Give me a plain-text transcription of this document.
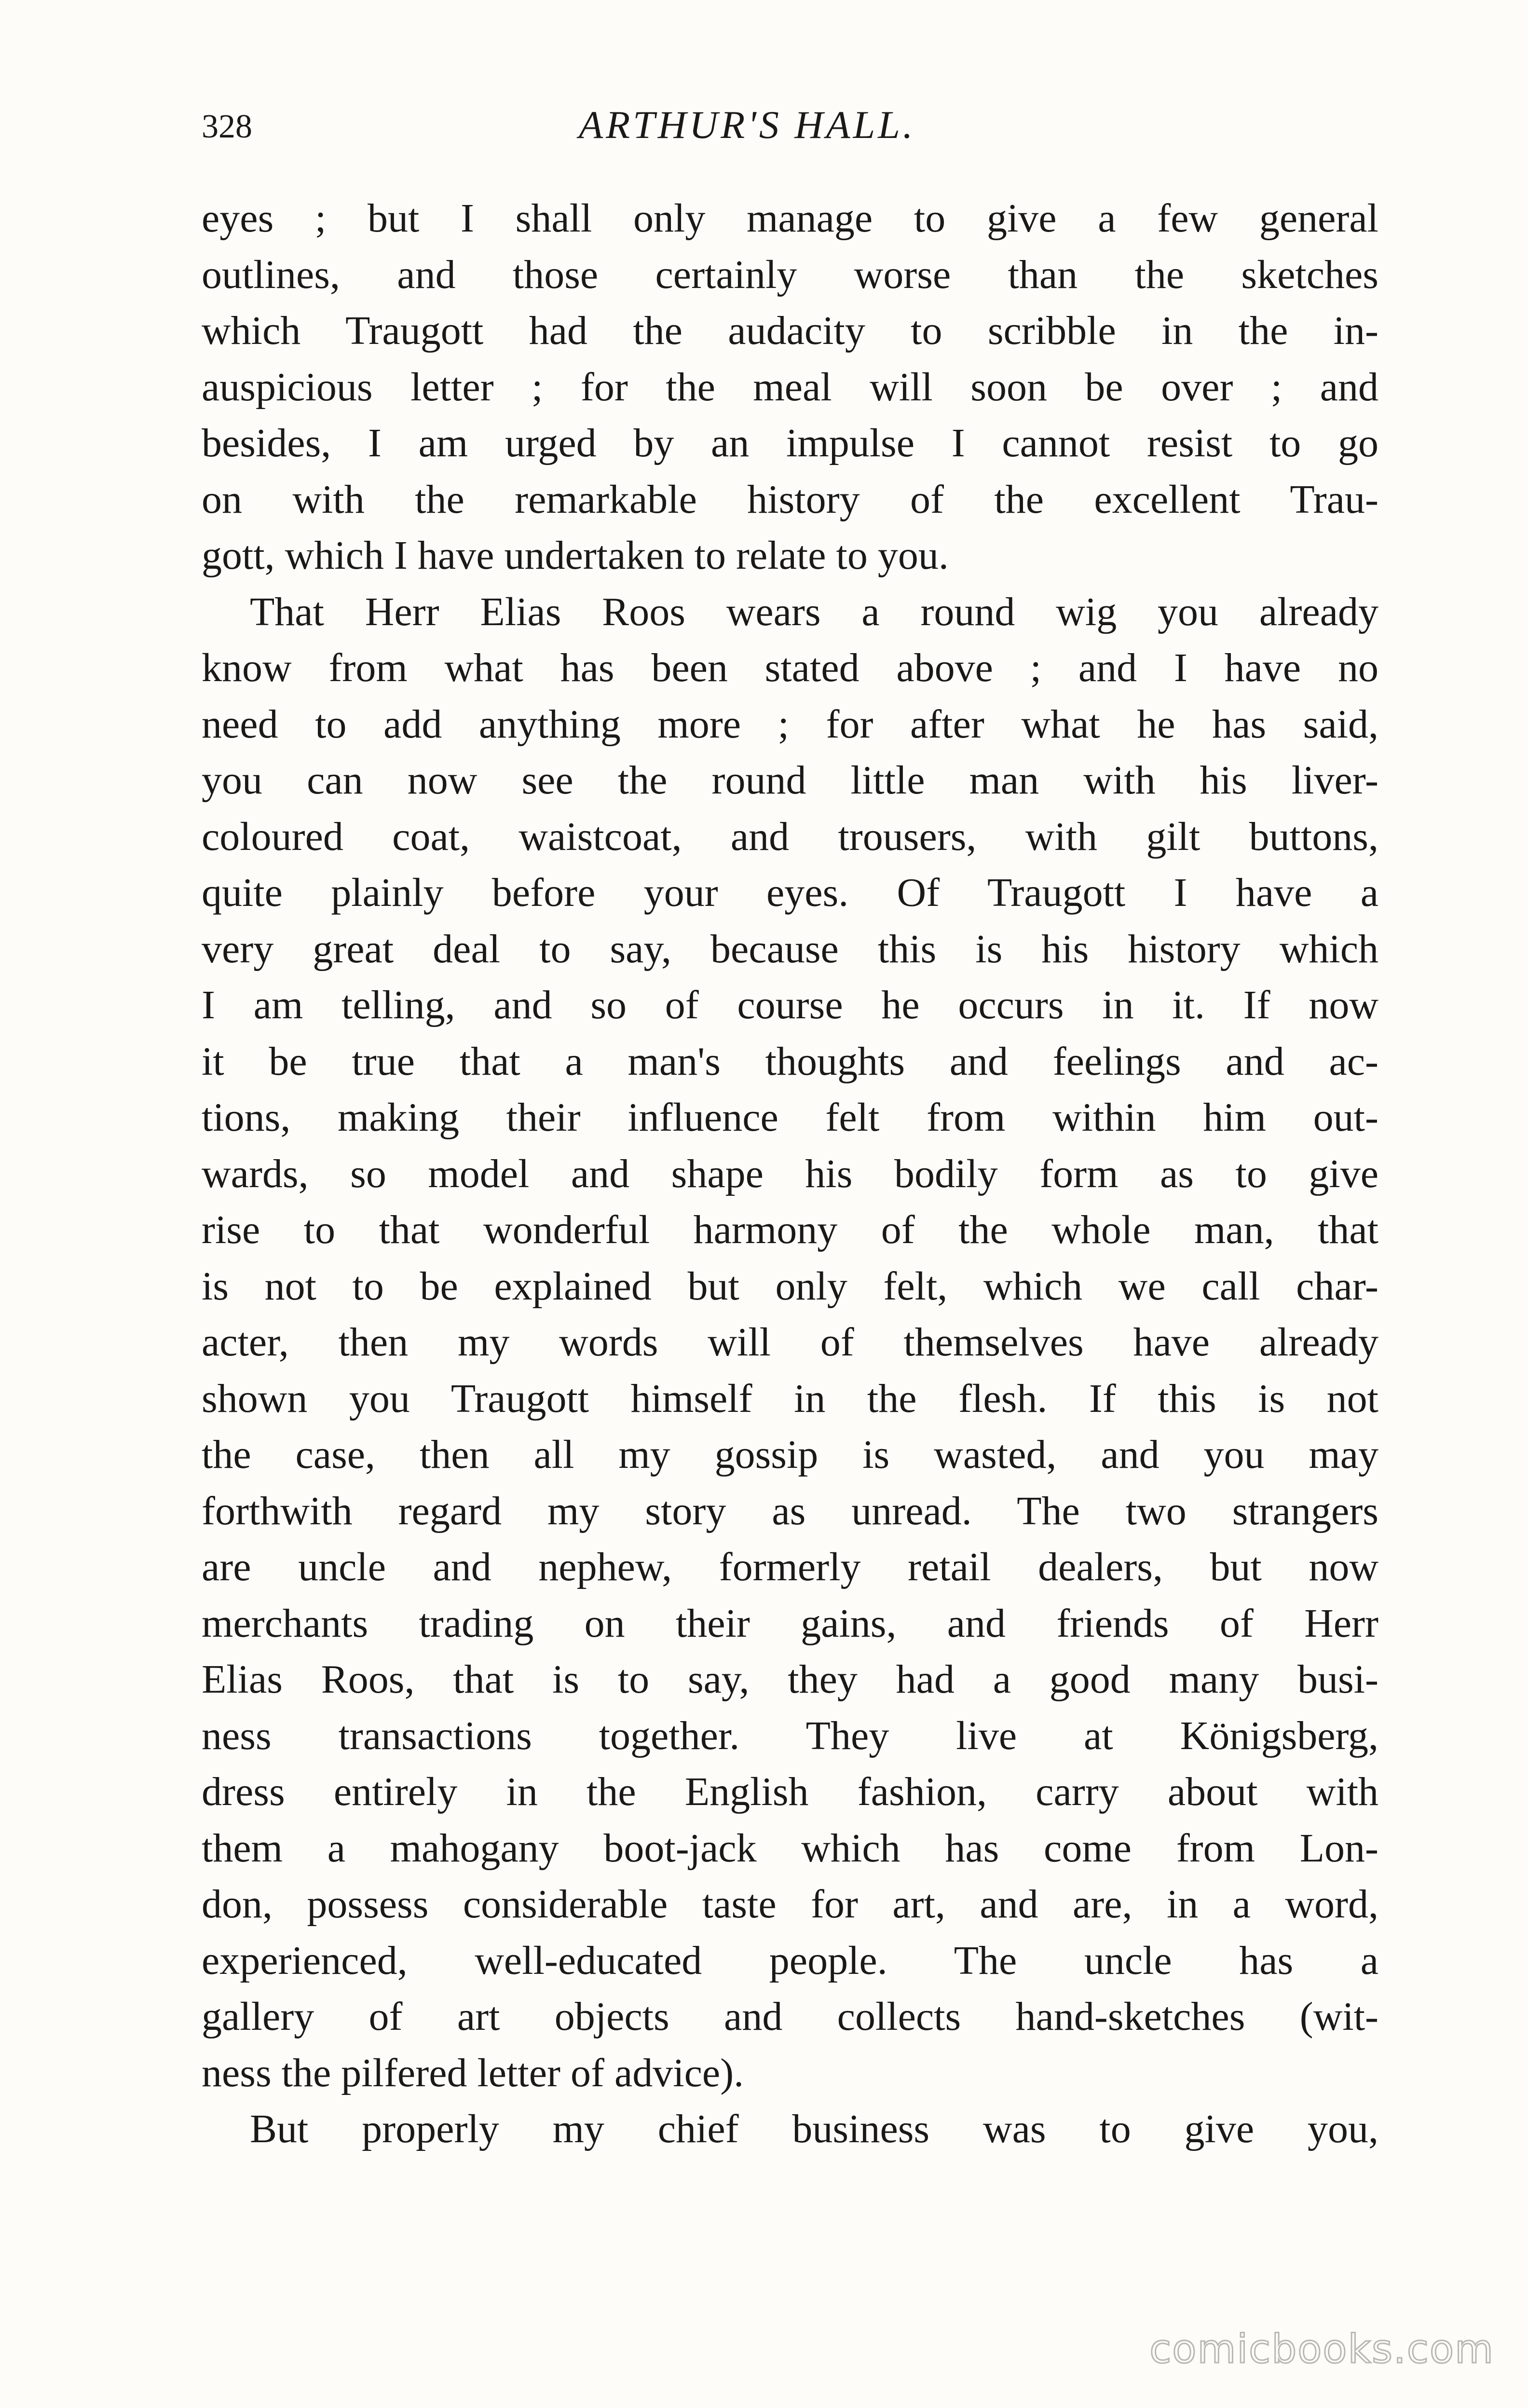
328	ARTHUR'S HALL.
eyes ; but I shall only manage to give a few general
outlines, and those certainly worse than the sketches
which Traugott had the audacity to scribble in the in-
auspicious letter ; for the meal will soon be over ; and
besides, I am urged by an impulse I cannot resist to go
on with the remarkable history of the excellent Trau-
gott, which I have undertaken to relate to you.
That Herr Elias Roos wears a round wig you already
know from what has been stated above ; and I have no
need to add anything more ; for after what he has said,
you can now see the round little man with his liver-
coloured coat, waistcoat, and trousers, with gilt buttons,
quite plainly before your eyes. Of Traugott I have a
very great deal to say, because this is his history which
I am telling, and so of course he occurs in it. If now
it be true that a man's thoughts and feelings and ac-
tions, making their influence felt from within him out-
wards, so model and shape his bodily form as to give
rise to that wonderful harmony of the whole man, that
is not to be explained but only felt, which we call char-
acter, then my words will of themselves have already
shown you Traugott himself in the flesh. If this is not
the case, then all my gossip is wasted, and you may
forthwith regard my story as unread. The two strangers
are uncle and nephew, formerly retail dealers, but now
merchants trading on their gains, and friends of Herr
Elias Roos, that is to say, they had a good many busi-
ness transactions together. They live at Königsberg,
dress entirely in the English fashion, carry about with
them a mahogany boot-jack which has come from Lon-
don, possess considerable taste for art, and are, in a word,
experienced, well-educated people. The uncle has a
gallery of art objects and collects hand-sketches (wit-
ness the pilfered letter of advice).
But properly my chief business was to give you,
comicbooks.com
